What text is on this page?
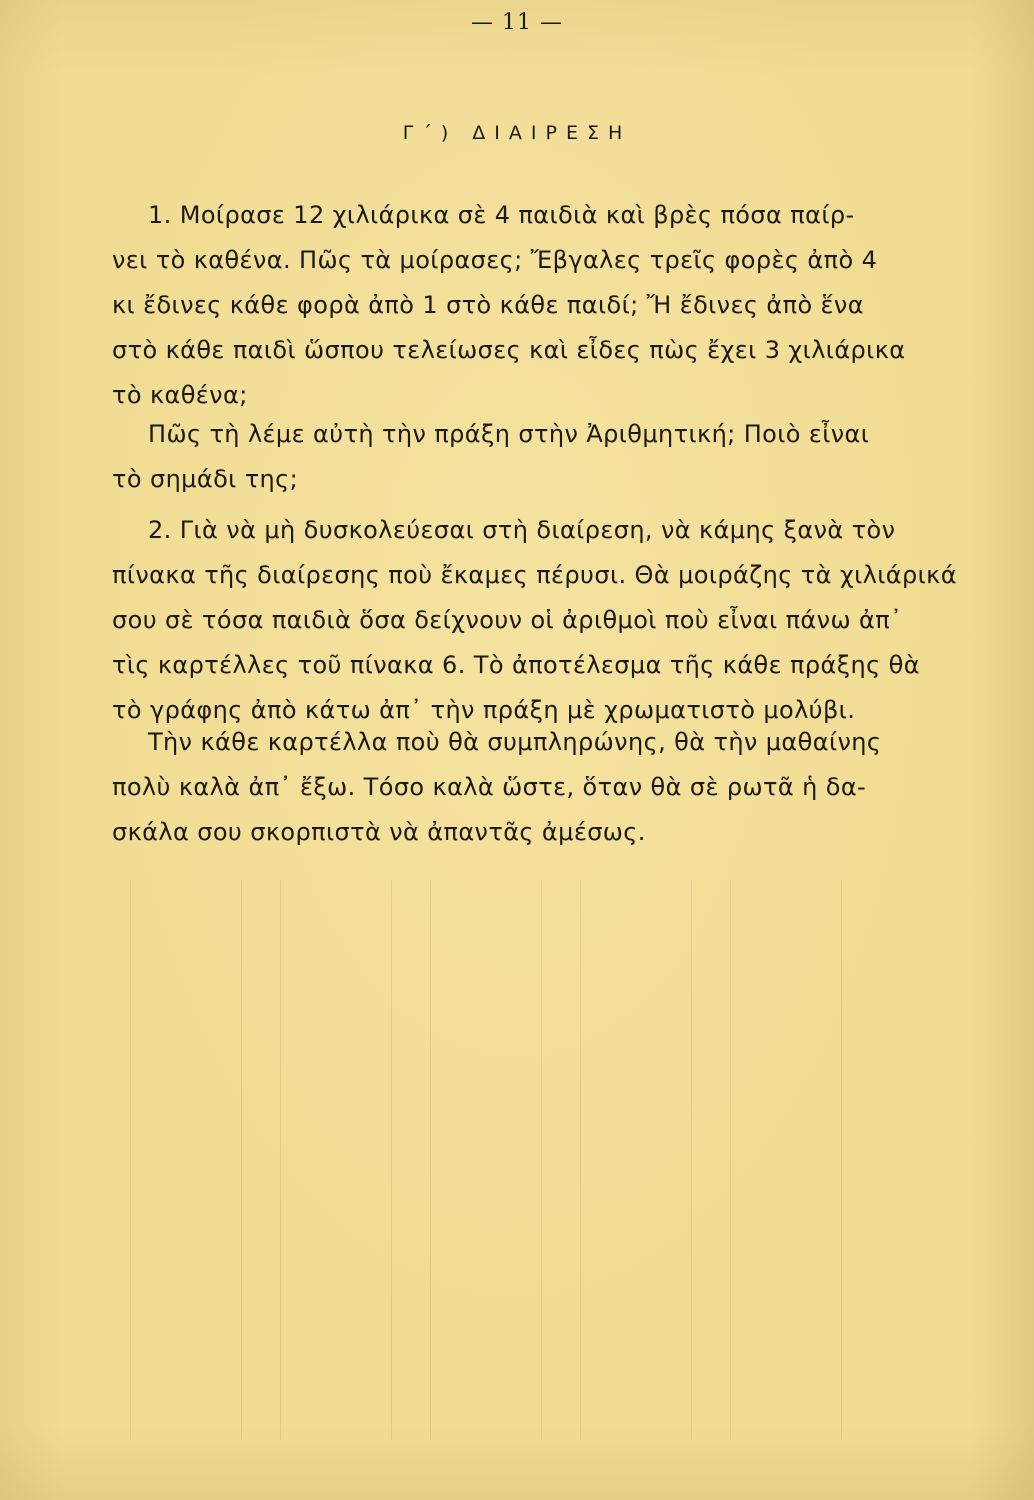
— 11 —
Γ΄) ΔΙΑΙΡΕΣΗ

1. Μοίρασε 12 χιλιάρικα σὲ 4 παιδιὰ καὶ βρὲς πόσα παίρ-
νει τὸ καθένα. Πῶς τὰ μοίρασες; Ἔβγαλες τρεῖς φορὲς ἀπὸ 4
κι ἔδινες κάθε φορὰ ἀπὸ 1 στὸ κάθε παιδί; Ἤ ἔδινες ἀπὸ ἕνα
στὸ κάθε παιδὶ ὥσπου τελείωσες καὶ εἶδες πὼς ἔχει 3 χιλιάρικα
τὸ καθένα;

Πῶς τὴ λέμε αὐτὴ τὴν πράξη στὴν Ἀριθμητική; Ποιὸ εἶναι
τὸ σημάδι της;

2. Γιὰ νὰ μὴ δυσκολεύεσαι στὴ διαίρεση, νὰ κάμης ξανὰ τὸν
πίνακα τῆς διαίρεσης ποὺ ἔκαμες πέρυσι. Θὰ μοιράζης τὰ χιλιάρικά
σου σὲ τόσα παιδιὰ ὅσα δείχνουν οἱ ἀριθμοὶ ποὺ εἶναι πάνω ἀπ᾽
τὶς καρτέλλες τοῦ πίνακα 6. Τὸ ἀποτέλεσμα τῆς κάθε πράξης θὰ
τὸ γράφης ἀπὸ κάτω ἀπ᾽ τὴν πράξη μὲ χρωματιστὸ μολύβι.

Τὴν κάθε καρτέλλα ποὺ θὰ συμπληρώνης, θὰ τὴν μαθαίνης
πολὺ καλὰ ἀπ᾽ ἔξω. Τόσο καλὰ ὥστε, ὅταν θὰ σὲ ρωτᾶ ἡ δα-
σκάλα σου σκορπιστὰ νὰ ἀπαντᾶς ἀμέσως.
